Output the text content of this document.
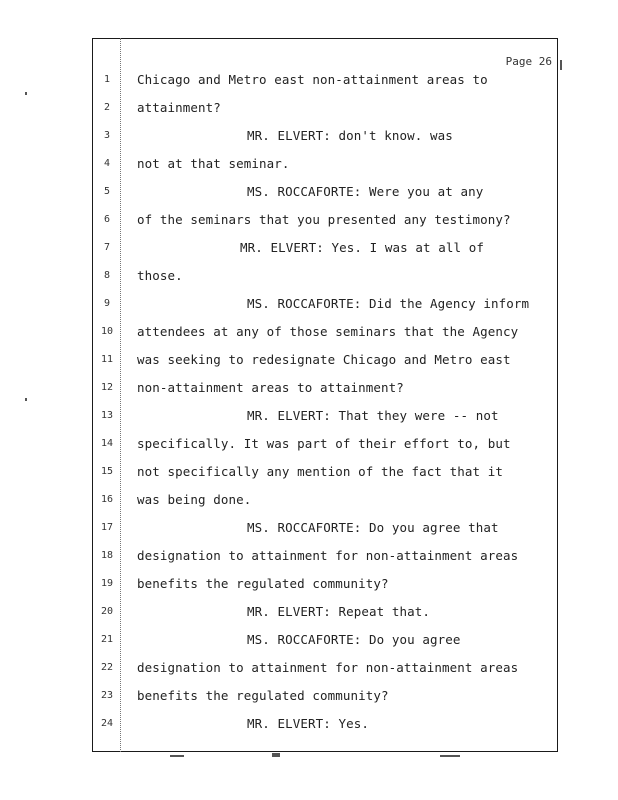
Page 26
1	Chicago and Metro east non-attainment areas to
2	attainment?
3	MR. ELVERT: don't know. was
4	not at that seminar.
5	MS. ROCCAFORTE: Were you at any
6	of the seminars that you presented any testimony?
7	MR. ELVERT: Yes. I was at all of
8	those.
9	MS. ROCCAFORTE: Did the Agency inform
10	attendees at any of those seminars that the Agency
11	was seeking to redesignate Chicago and Metro east
12	non-attainment areas to attainment?
13	MR. ELVERT: That they were -- not
14	specifically. It was part of their effort to, but
15	not specifically any mention of the fact that it
16	was being done.
17	MS. ROCCAFORTE: Do you agree that
18	designation to attainment for non-attainment areas
19	benefits the regulated community?
20	MR. ELVERT: Repeat that.
21	MS. ROCCAFORTE: Do you agree
22	designation to attainment for non-attainment areas
23	benefits the regulated community?
24	MR. ELVERT: Yes.
